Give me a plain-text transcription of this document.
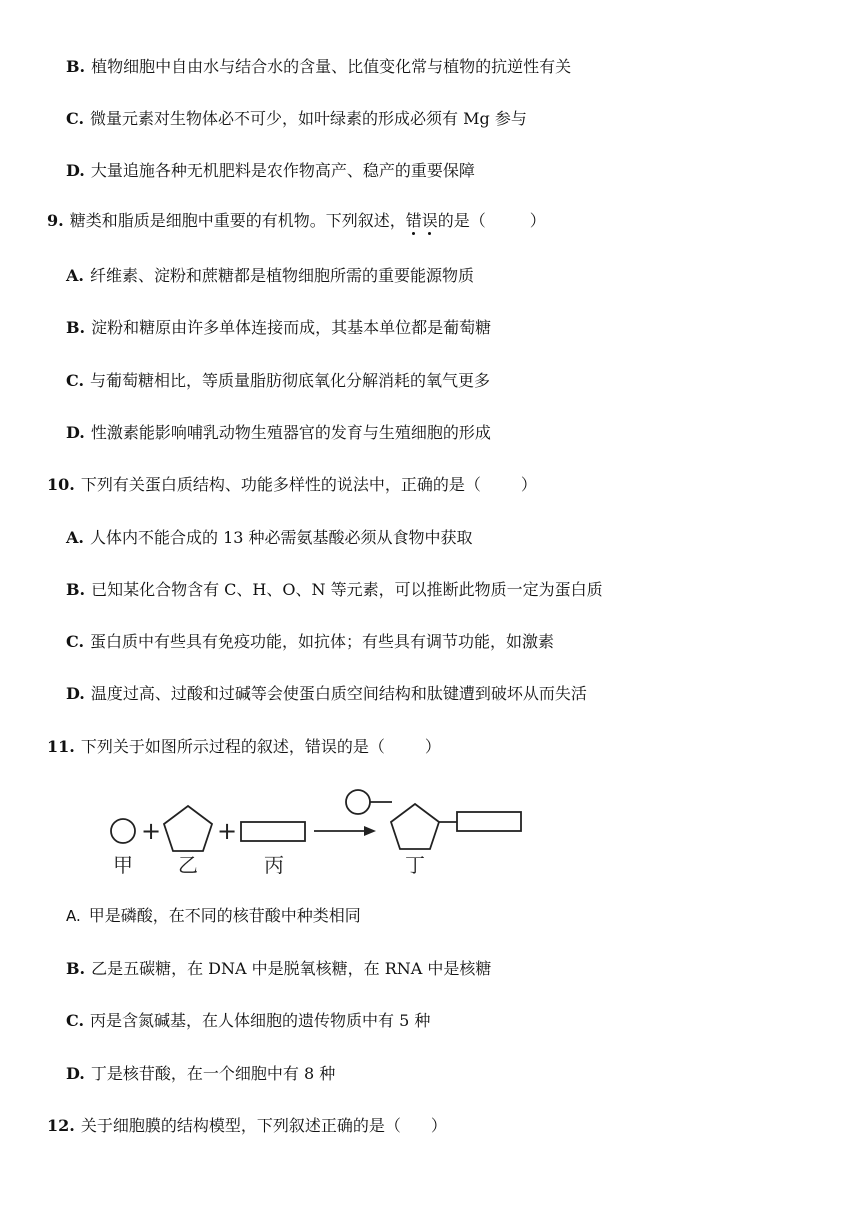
B. 植物细胞中自由水与结合水的含量、比值变化常与植物的抗逆性有关
C. 微量元素对生物体必不可少，如叶绿素的形成必须有 Mg 参与
D. 大量追施各种无机肥料是农作物高产、稳产的重要保障
9. 糖类和脂质是细胞中重要的有机物。下列叙述，错误的是（	）
A. 纤维素、淀粉和蔗糖都是植物细胞所需的重要能源物质
B. 淀粉和糖原由许多单体连接而成，其基本单位都是葡萄糖
C. 与葡萄糖相比，等质量脂肪彻底氧化分解消耗的氧气更多
D. 性激素能影响哺乳动物生殖器官的发育与生殖细胞的形成
10. 下列有关蛋白质结构、功能多样性的说法中，正确的是（	）
A. 人体内不能合成的 13 种必需氨基酸必须从食物中获取
B. 已知某化合物含有 C、H、O、N 等元素，可以推断此物质一定为蛋白质
C. 蛋白质中有些具有免疫功能，如抗体；有些具有调节功能，如激素
D. 温度过高、过酸和过碱等会使蛋白质空间结构和肽键遭到破坏从而失活
11. 下列关于如图所示过程的叙述，错误的是（	）
甲
+
乙
+
丙	丁
A. 甲是磷酸，在不同的核苷酸中种类相同
B. 乙是五碳糖，在 DNA 中是脱氧核糖，在 RNA 中是核糖
C. 丙是含氮碱基，在人体细胞的遗传物质中有 5 种
D. 丁是核苷酸，在一个细胞中有 8 种
12. 关于细胞膜的结构模型，下列叙述正确的是（ ）
